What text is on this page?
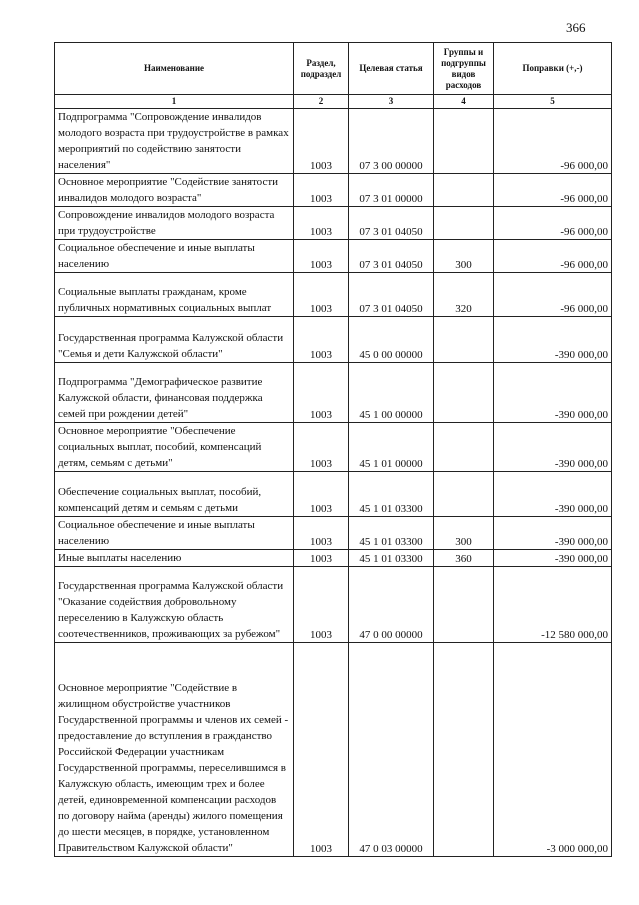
366
Наименование	Раздел, подраздел	Целевая статья	Группы и подгруппы видов расходов	Поправки (+,-)
1	2	3	4	5
Подпрограмма "Сопровождение инвалидов молодого возраста при трудоустройстве в рамках мероприятий по содействию занятости населения"	1003	07 3 00 00000		-96 000,00
Основное мероприятие "Содействие занятости инвалидов молодого возраста"	1003	07 3 01 00000		-96 000,00
Сопровождение инвалидов молодого возраста при трудоустройстве	1003	07 3 01 04050		-96 000,00
Социальное обеспечение и иные выплаты населению	1003	07 3 01 04050	300	-96 000,00
Социальные выплаты гражданам, кроме публичных нормативных социальных выплат	1003	07 3 01 04050	320	-96 000,00
Государственная программа Калужской области "Семья и дети Калужской области"	1003	45 0 00 00000		-390 000,00
Подпрограмма "Демографическое развитие Калужской области, финансовая поддержка семей при рождении детей"	1003	45 1 00 00000		-390 000,00
Основное мероприятие "Обеспечение социальных выплат, пособий, компенсаций детям, семьям с детьми"	1003	45 1 01 00000		-390 000,00
Обеспечение социальных выплат, пособий, компенсаций детям и семьям с детьми	1003	45 1 01 03300		-390 000,00
Социальное обеспечение и иные выплаты населению	1003	45 1 01 03300	300	-390 000,00
Иные выплаты населению	1003	45 1 01 03300	360	-390 000,00
Государственная программа Калужской области "Оказание содействия добровольному переселению в Калужскую область соотечественников, проживающих за рубежом"	1003	47 0 00 00000		-12 580 000,00
Основное мероприятие "Содействие в жилищном обустройстве участников Государственной программы и членов их семей - предоставление до вступления в гражданство Российской Федерации участникам Государственной программы, переселившимся в Калужскую область, имеющим трех и более детей, единовременной компенсации расходов по договору найма (аренды) жилого помещения до шести месяцев, в порядке, установленном Правительством Калужской области"	1003	47 0 03 00000		-3 000 000,00
